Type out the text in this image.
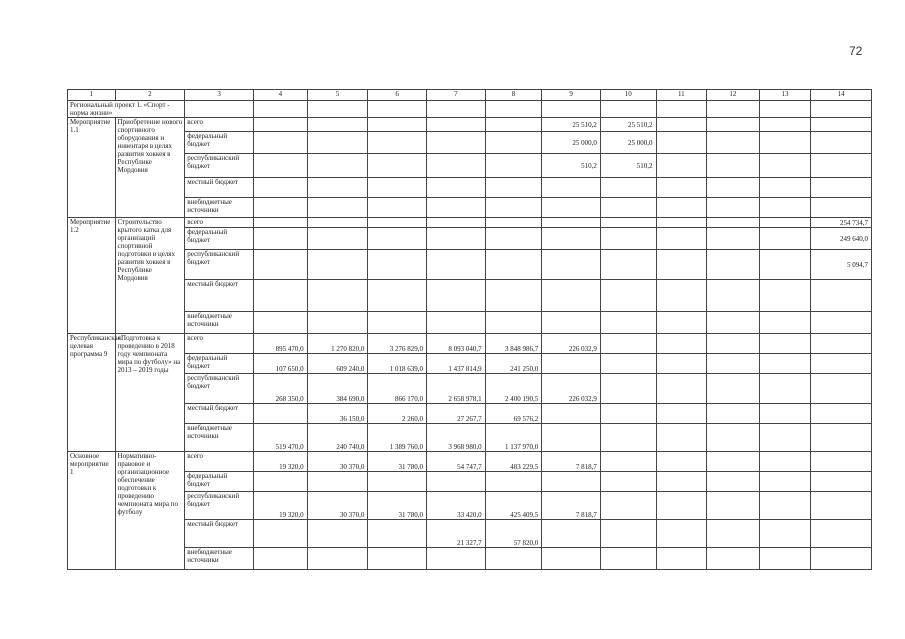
72
1	2	3	4	5	6	7	8	9	10	11	12	13	14
Региональный проект 1. «Спорт - норма жизни»													
Мероприятие 1.1	Приобретение нового спортивного оборудования и инвентаря в целях развития хоккея в Республике Мордовия	всего						25 510,2	25 510,2				
		федеральный бюджет						25 000,0	25 000,0				
		республиканский бюджет						510,2	510,2				
		местный бюджет											
		внебюджетные источники											
Мероприятие 1.2	Строительство крытого катка для организаций спортивной подготовки в целях развития хоккея в Республике Мордовия	всего											254 734,7
		федеральный бюджет											249 640,0
		республиканский бюджет											5 094,7
		местный бюджет											
		внебюджетные источники											
Республиканская целевая программа 9	«Подготовка к проведению в 2018 году чемпионата мира по футболу» на 2013 – 2019 годы	всего	895 470,0	1 270 820,0	3 276 829,0	8 093 040,7	3 848 986,7	226 032,9					
		федеральный бюджет	107 650,0	609 240,0	1 018 639,0	1 437 814,9	241 250,0						
		республиканский бюджет	268 350,0	384 690,0	866 170,0	2 658 978,1	2 400 190,5	226 032,9					
		местный бюджет		36 150,0	2 260,0	27 267,7	69 576,2						
		внебюджетные источники	519 470,0	240 740,0	1 389 760,0	3 968 980,0	1 137 970,0						
Основное мероприятие 1	Нормативно-правовое и организационное обеспечение подготовки к проведению чемпионата мира по футболу	всего	19 320,0	30 370,0	31 780,0	54 747,7	483 229,5	7 818,7					
		федеральный бюджет											
		республиканский бюджет	19 320,0	30 370,0	31 780,0	33 420,0	425 409,5	7 818,7					
		местный бюджет				21 327,7	57 820,0						
		внебюджетные источники											
